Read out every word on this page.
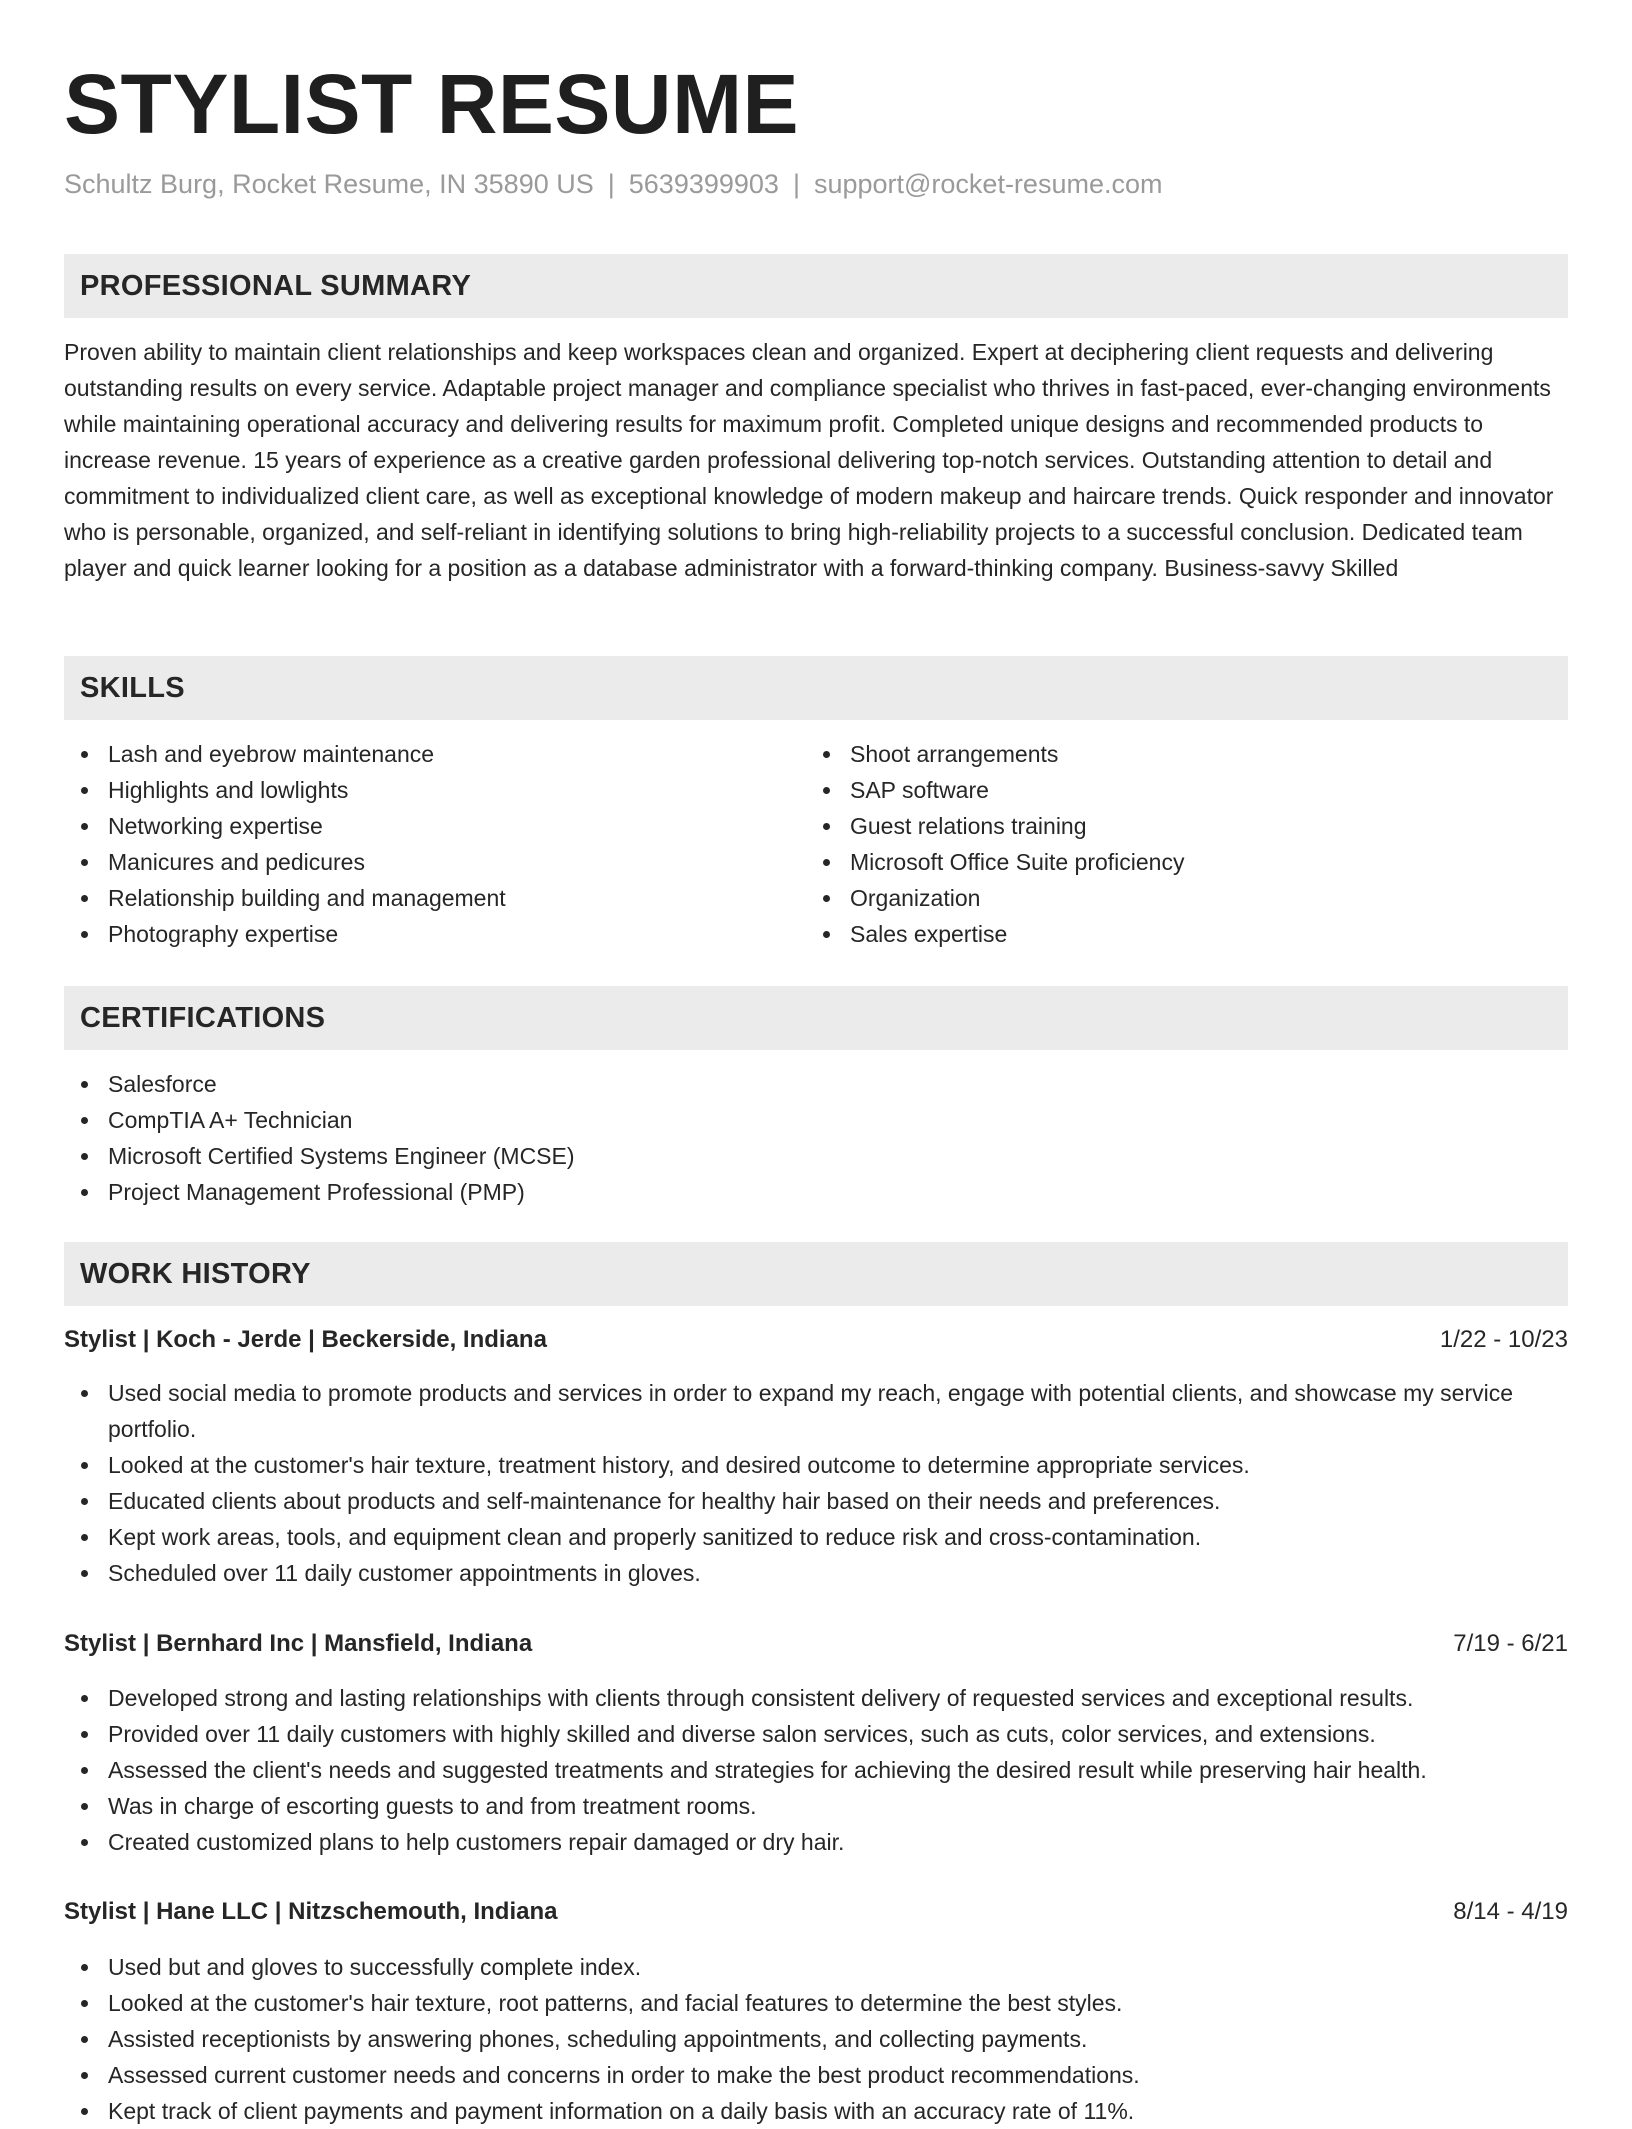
STYLIST RESUME
Schultz Burg, Rocket Resume, IN 35890 US | 5639399903 | support@rocket-resume.com
PROFESSIONAL SUMMARY

Proven ability to maintain client relationships and keep workspaces clean and organized. Expert at deciphering client requests and delivering outstanding results on every service. Adaptable project manager and compliance specialist who thrives in fast-paced, ever-changing environments while maintaining operational accuracy and delivering results for maximum profit. Completed unique designs and recommended products to increase revenue. 15 years of experience as a creative garden professional delivering top-notch services. Outstanding attention to detail and commitment to individualized client care, as well as exceptional knowledge of modern makeup and haircare trends. Quick responder and innovator who is personable, organized, and self-reliant in identifying solutions to bring high-reliability projects to a successful conclusion. Dedicated team player and quick learner looking for a position as a database administrator with a forward-thinking company. Business-savvy Skilled

SKILLS
Lash and eyebrow maintenance
Highlights and lowlights
Networking expertise
Manicures and pedicures
Relationship building and management
Photography expertise
Shoot arrangements
SAP software
Guest relations training
Microsoft Office Suite proficiency
Organization
Sales expertise
CERTIFICATIONS
Salesforce
CompTIA A+ Technician
Microsoft Certified Systems Engineer (MCSE)
Project Management Professional (PMP)
WORK HISTORY
Stylist | Koch - Jerde | Beckerside, Indiana	1/22 - 10/23
Used social media to promote products and services in order to expand my reach, engage with potential clients, and showcase my service portfolio.
Looked at the customer's hair texture, treatment history, and desired outcome to determine appropriate services.
Educated clients about products and self-maintenance for healthy hair based on their needs and preferences.
Kept work areas, tools, and equipment clean and properly sanitized to reduce risk and cross-contamination.
Scheduled over 11 daily customer appointments in gloves.
Stylist | Bernhard Inc | Mansfield, Indiana	7/19 - 6/21
Developed strong and lasting relationships with clients through consistent delivery of requested services and exceptional results.
Provided over 11 daily customers with highly skilled and diverse salon services, such as cuts, color services, and extensions.
Assessed the client's needs and suggested treatments and strategies for achieving the desired result while preserving hair health.
Was in charge of escorting guests to and from treatment rooms.
Created customized plans to help customers repair damaged or dry hair.
Stylist | Hane LLC | Nitzschemouth, Indiana	8/14 - 4/19
Used but and gloves to successfully complete index.
Looked at the customer's hair texture, root patterns, and facial features to determine the best styles.
Assisted receptionists by answering phones, scheduling appointments, and collecting payments.
Assessed current customer needs and concerns in order to make the best product recommendations.
Kept track of client payments and payment information on a daily basis with an accuracy rate of 11%.
